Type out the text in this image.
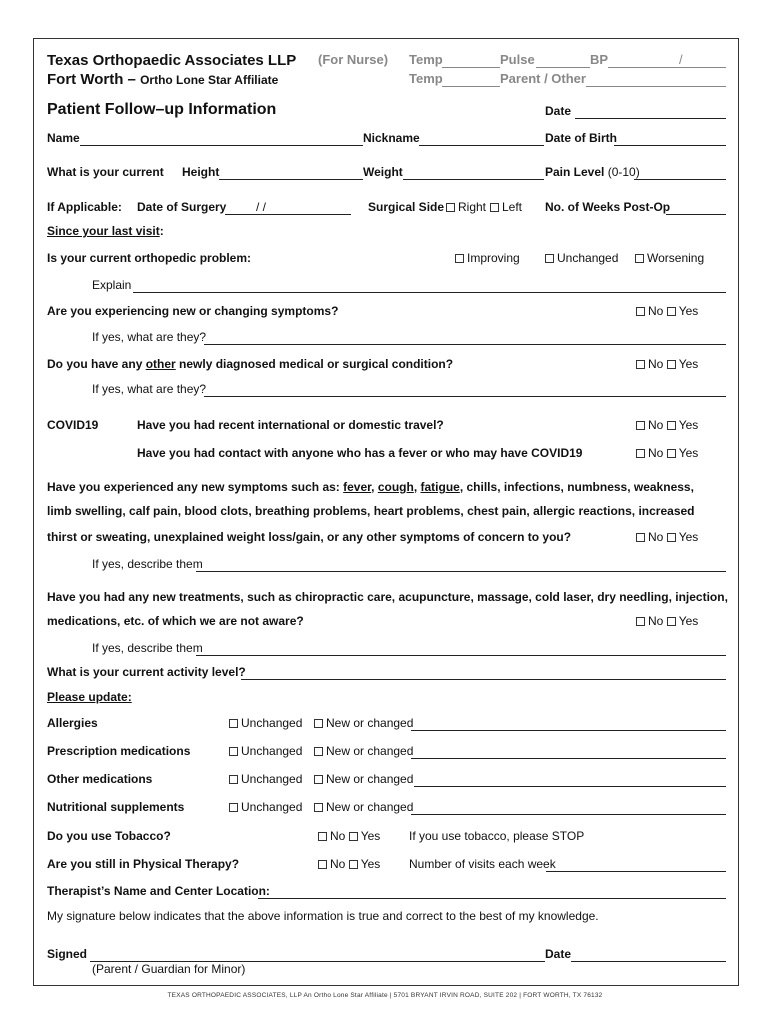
Texas Orthopaedic Associates LLP
Fort Worth – Ortho Lone Star Affiliate
(For Nurse) Temp	Pulse	BP	/
Temp	Parent / Other
Patient Follow–up Information	Date
Name	Nickname	Date of Birth
What is your current Height	Weight	Pain Level (0-10)
If Applicable: Date of Surgery / /	Surgical Side	Right	Left No. of Weeks Post-Op
Since your last visit:
Is your current orthopedic problem:	Improving	Unchanged	Worsening
Explain
Are you experiencing new or changing symptoms?	No Yes
If yes, what are they?
Do you have any other newly diagnosed medical or surgical condition?	No Yes
If yes, what are they?
COVID19	Have you had recent international or domestic travel?	No Yes
Have you had contact with anyone who has a fever or who may have COVID19	No Yes
Have you experienced any new symptoms such as: fever, cough, fatigue, chills, infections, numbness, weakness,
limb swelling, calf pain, blood clots, breathing problems, heart problems, chest pain, allergic reactions, increased
thirst or sweating, unexplained weight loss/gain, or any other symptoms of concern to you?	No Yes
If yes, describe them
Have you had any new treatments, such as chiropractic care, acupuncture, massage, cold laser, dry needling, injection,
medications, etc. of which we are not aware?	No Yes
If yes, describe them
What is your current activity level?
Please update:
Allergies	Unchanged	New or changed
Prescription medications	Unchanged	New or changed
Other medications	Unchanged	New or changed
Nutritional supplements	Unchanged	New or changed
Do you use Tobacco?	No Yes If you use tobacco, please STOP
Are you still in Physical Therapy?	No Yes Number of visits each week
Therapist’s Name and Center Location:
My signature below indicates that the above information is true and correct to the best of my knowledge.
Signed	Date
(Parent / Guardian for Minor)
TEXAS ORTHOPAEDIC ASSOCIATES, LLP An Ortho Lone Star Affiliate | 5701 BRYANT IRVIN ROAD, SUITE 202 | FORT WORTH, TX 76132
